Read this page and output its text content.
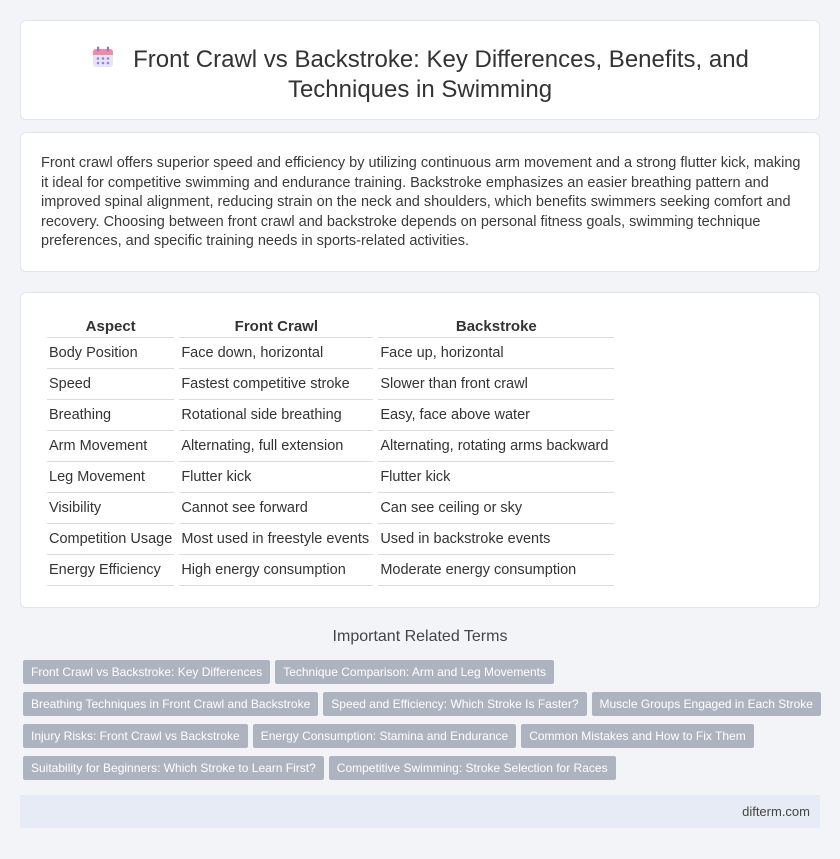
Front Crawl vs Backstroke: Key Differences, Benefits, and
Techniques in Swimming

Front crawl offers superior speed and efficiency by utilizing continuous arm movement and a strong flutter kick, making it ideal for competitive swimming and endurance training. Backstroke emphasizes an easier breathing pattern and improved spinal alignment, reducing strain on the neck and shoulders, which benefits swimmers seeking comfort and recovery. Choosing between front crawl and backstroke depends on personal fitness goals, swimming technique preferences, and specific training needs in sports-related activities.

Aspect	Front Crawl	Backstroke
Body Position	Face down, horizontal	Face up, horizontal
Speed	Fastest competitive stroke	Slower than front crawl
Breathing	Rotational side breathing	Easy, face above water
Arm Movement	Alternating, full extension	Alternating, rotating arms backward
Leg Movement	Flutter kick	Flutter kick
Visibility	Cannot see forward	Can see ceiling or sky
Competition Usage	Most used in freestyle events	Used in backstroke events
Energy Efficiency	High energy consumption	Moderate energy consumption
Important Related Terms
Front Crawl vs Backstroke: Key Differences Technique Comparison: Arm and Leg Movements
Breathing Techniques in Front Crawl and Backstroke Speed and Efficiency: Which Stroke Is Faster? Muscle Groups Engaged in Each Stroke
Injury Risks: Front Crawl vs Backstroke Energy Consumption: Stamina and Endurance Common Mistakes and How to Fix Them
Suitability for Beginners: Which Stroke to Learn First? Competitive Swimming: Stroke Selection for Races
difterm.com
